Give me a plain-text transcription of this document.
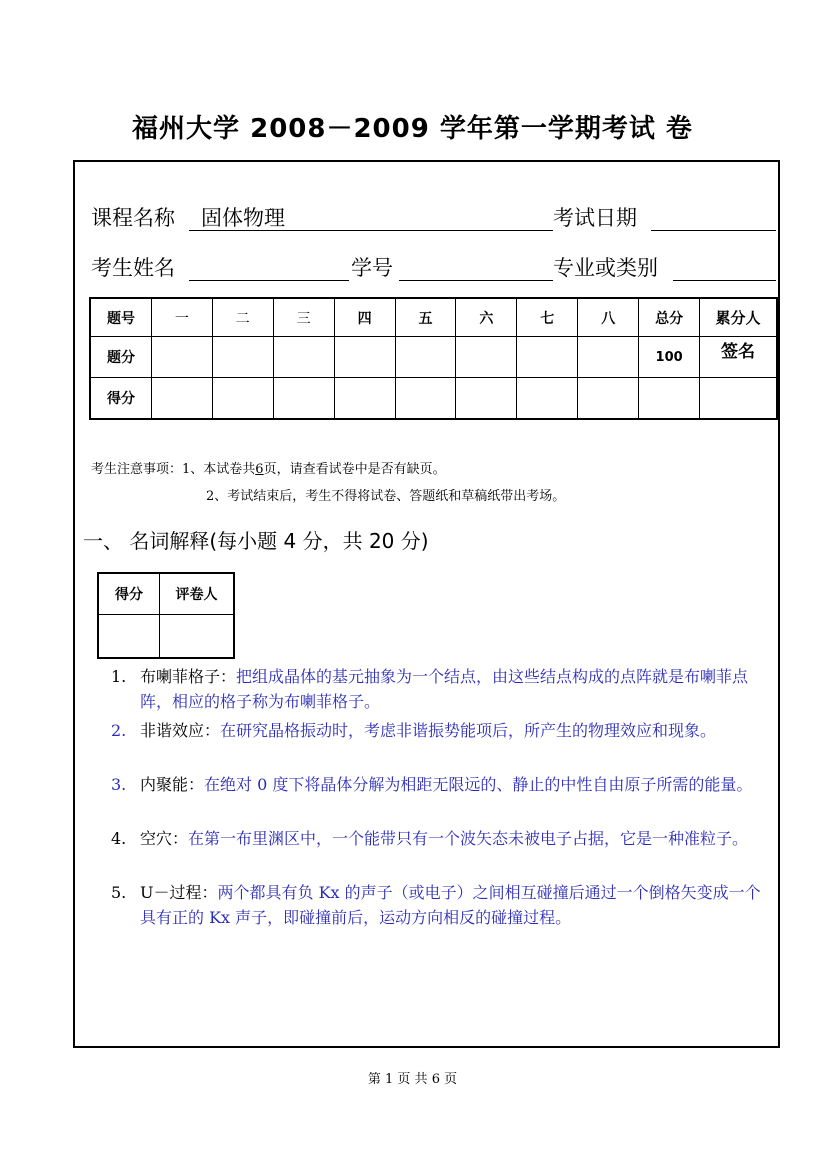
福州大学 2008－2009 学年第一学期考试 卷
课程名称 固体物理	考试日期
考生姓名	学号	专业或类别
题号	一	二	三	四	五	六	七	八	总分	累分人
题分									100	签名
得分										
考生注意事项：1、本试卷共6页，请查看试卷中是否有缺页。
2、考试结束后，考生不得将试卷、答题纸和草稿纸带出考场。
一、 名词解释(每小题 4 分，共 20 分)
得分	评卷人

1. 布喇菲格子：把组成晶体的基元抽象为一个结点，由这些结点构成的点阵就是布喇菲点阵，相应的格子称为布喇菲格子。
2. 非谐效应：在研究晶格振动时，考虑非谐振势能项后，所产生的物理效应和现象。
3. 内聚能：在绝对 0 度下将晶体分解为相距无限远的、静止的中性自由原子所需的能量。
4. 空穴：在第一布里渊区中，一个能带只有一个波矢态未被电子占据，它是一种准粒子。
5. U－过程：两个都具有负 Kx 的声子（或电子）之间相互碰撞后通过一个倒格矢变成一个具有正的 Kx 声子，即碰撞前后，运动方向相反的碰撞过程。
第 1 页 共 6 页
